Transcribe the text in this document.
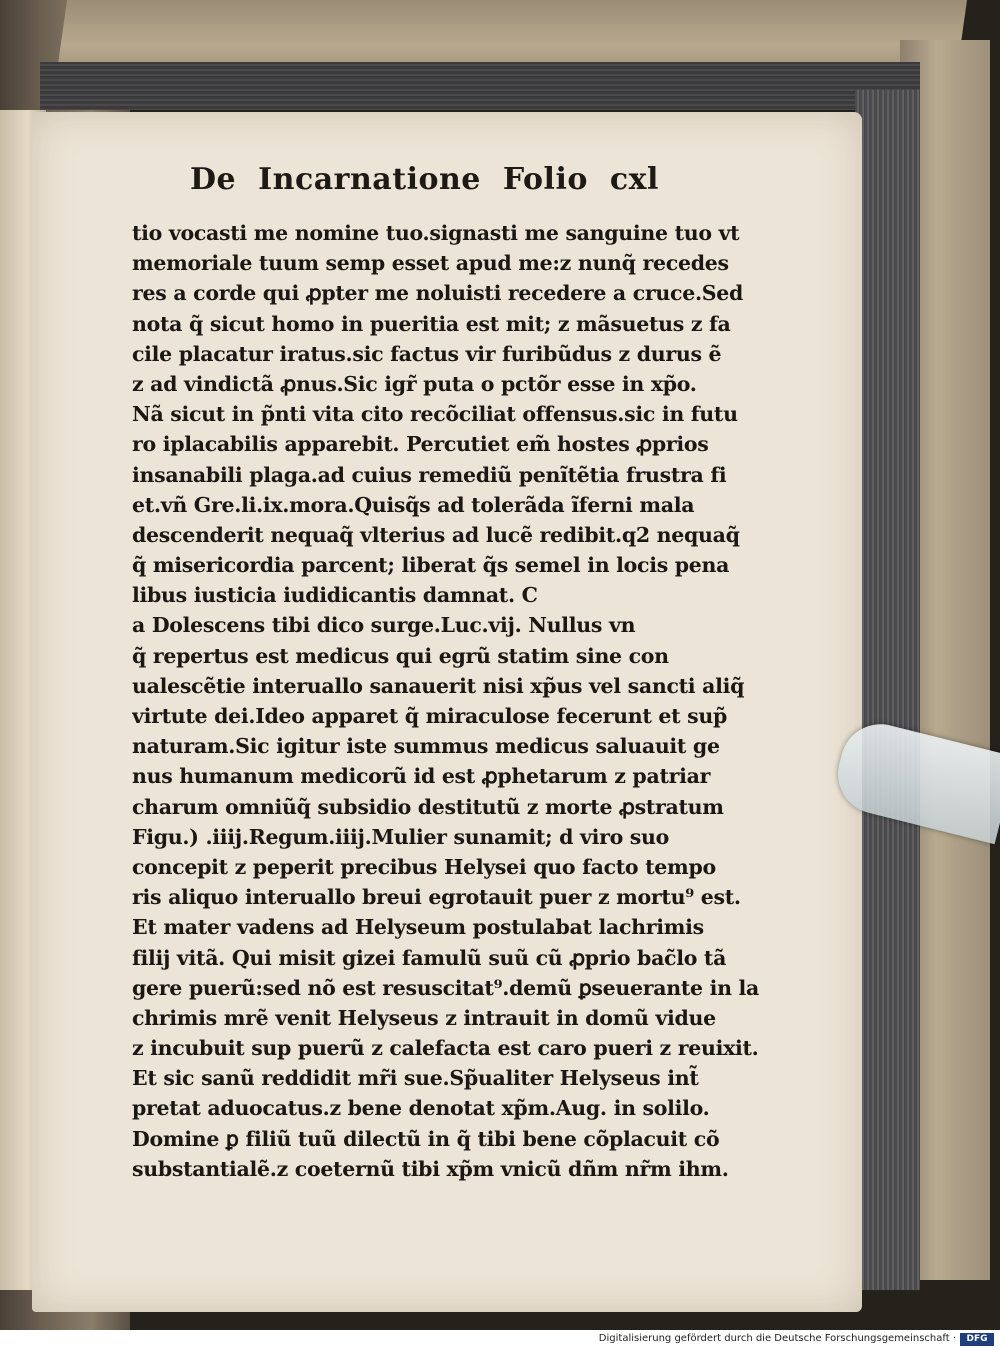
De Incarnatione Folio cxl
tio vocasti me nomine tuo.signasti me sanguine tuo vt
memoriale tuum semp esset apud me:z nunq̃ recedes
res a corde qui ꝓpter me noluisti recedere a cruce.Sed
nota q̃ sicut homo in pueritia est mit; z mãsuetus z fa
cile placatur iratus.sic factus vir furibũdus z durus ẽ
z ad vindictã ꝓnus.Sic igr̃ puta o pctõr esse in xp̃o.
Nã sicut in p̃nti vita cito recõciliat offensus.sic in futu
ro iplacabilis apparebit. Percutiet em̃ hostes ꝓprios
insanabili plaga.ad cuius remediũ penĩtẽtia frustra fi
et.vñ Gre.li.ix.mora.Quisq̃s ad tolerãda ĩferni mala
descenderit nequaq̃ vlterius ad lucẽ redibit.q2 nequaq̃
q̃ misericordia parcent; liberat q̃s semel in locis pena
libus iusticia iudidicantis damnat. C
a Dolescens tibi dico surge.Luc.vij. Nullus vn
q̃ repertus est medicus qui egrũ statim sine con
ualescẽtie interuallo sanauerit nisi xp̃us vel sancti aliq̃
virtute dei.Ideo apparet q̃ miraculose fecerunt et sup̃
naturam.Sic igitur iste summus medicus saluauit ge
nus humanum medicorũ id est ꝓphetarum z patriar
charum omniũq̃ subsidio destitutũ z morte ꝓstratum
Figu.) .iiij.Regum.iiij.Mulier sunamit; d viro suo
concepit z peperit precibus Helysei quo facto tempo
ris aliquo interuallo breui egrotauit puer z mortu⁹ est.
Et mater vadens ad Helyseum postulabat lachrimis
filij vitã. Qui misit gizei famulũ suũ cũ ꝓprio bac̃lo tã
gere puerũ:sed nõ est resuscitat⁹.demũ ꝑseuerante in la
chrimis mrẽ venit Helyseus z intrauit in domũ vidue
z incubuit sup puerũ z calefacta est caro pueri z reuixit.
Et sic sanũ reddidit mr̃i sue.Sp̃ualiter Helyseus int̃
pretat aduocatus.z bene denotat xp̃m.Aug. in solilo.
Domine ꝑ filiũ tuũ dilectũ in q̃ tibi bene cõplacuit cõ
substantialẽ.z coeternũ tibi xp̃m vnicũ dñm nr̃m ihm.
Digitalisierung gefördert durch die Deutsche Forschungsgemeinschaft ·	DFG
